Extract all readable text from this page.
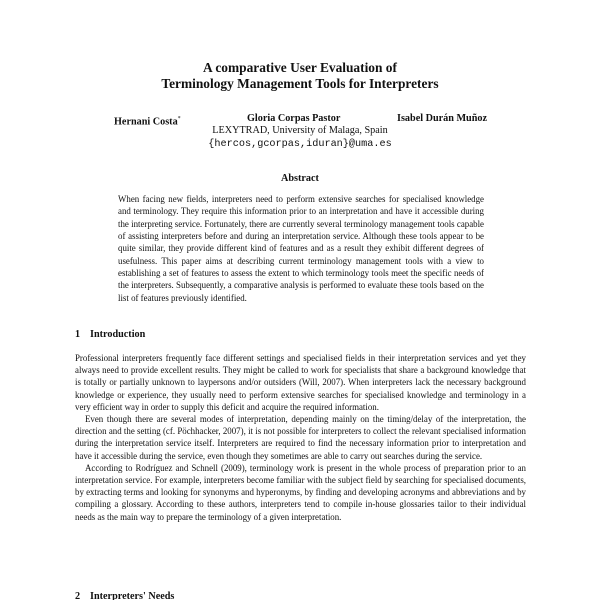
A comparative User Evaluation of
Terminology Management Tools for Interpreters
Hernani Costa*	Gloria Corpas Pastor	Isabel Durán Muñoz
LEXYTRAD, University of Malaga, Spain
{hercos,gcorpas,iduran}@uma.es
Abstract
When facing new fields, interpreters need to perform extensive searches for specialised knowledge and terminology. They require this information prior to an interpretation and have it accessible during the interpreting service. Fortunately, there are currently several terminology management tools capable of assisting interpreters before and during an interpretation service. Although these tools appear to be quite similar, they provide different kind of features and as a result they exhibit different degrees of usefulness. This paper aims at describing current terminology management tools with a view to establishing a set of features to assess the extent to which terminology tools meet the specific needs of the interpreters. Subsequently, a comparative analysis is performed to evaluate these tools based on the list of features previously identified.
1 Introduction

Professional interpreters frequently face different settings and specialised fields in their interpretation services and yet they always need to provide excellent results. They might be called to work for specialists that share a background knowledge that is totally or partially unknown to laypersons and/or outsiders (Will, 2007). When interpreters lack the necessary background knowledge or experience, they usually need to perform extensive searches for specialised knowledge and terminology in a very efficient way in order to supply this deficit and acquire the required information.

Even though there are several modes of interpretation, depending mainly on the timing/delay of the interpretation, the direction and the setting (cf. Pöchhacker, 2007), it is not possible for interpreters to collect the relevant specialised information during the interpretation service itself. Interpreters are required to find the necessary information prior to interpretation and have it accessible during the service, even though they sometimes are able to carry out searches during the service.

According to Rodríguez and Schnell (2009), terminology work is present in the whole process of preparation prior to an interpretation service. For example, interpreters become familiar with the subject field by searching for specialised documents, by extracting terms and looking for synonyms and hyperonyms, by finding and developing acronyms and abbreviations and by compiling a glossary. According to these authors, interpreters tend to compile in-house glossaries tailor to their individual needs as the main way to prepare the terminology of a given interpretation.

2 Interpreters' Needs
